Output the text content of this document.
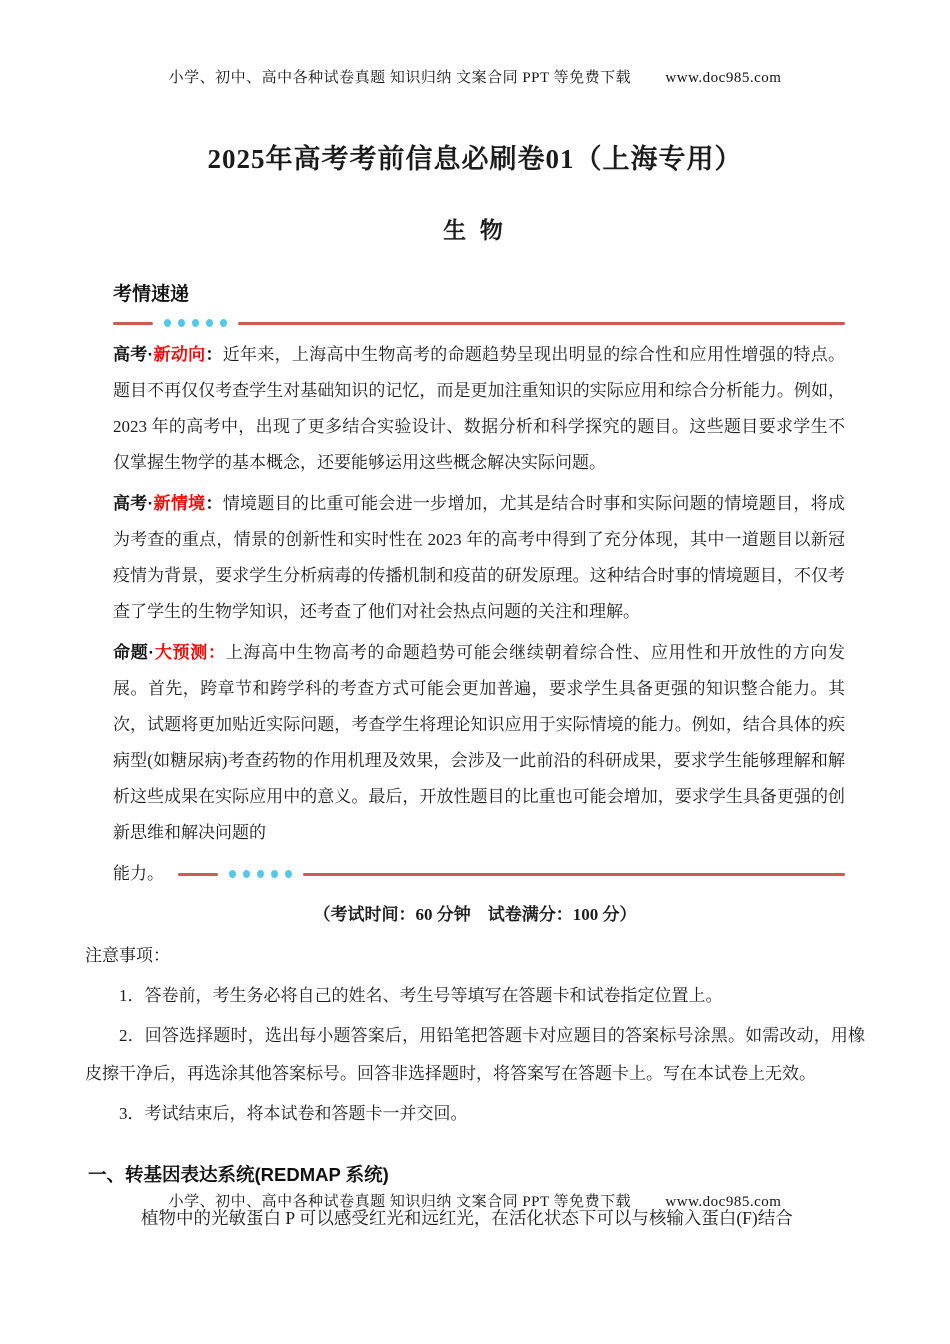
小学、初中、高中各种试卷真题 知识归纳 文案合同 PPT 等免费下载 www.doc985.com
2025年高考考前信息必刷卷01（上海专用）
生 物
考情速递

高考·新动向：近年来，上海高中生物高考的命题趋势呈现出明显的综合性和应用性增强的特点。题目不再仅仅考查学生对基础知识的记忆，而是更加注重知识的实际应用和综合分析能力。例如，2023 年的高考中，出现了更多结合实验设计、数据分析和科学探究的题目。这些题目要求学生不仅掌握生物学的基本概念，还要能够运用这些概念解决实际问题。

高考·新情境：情境题目的比重可能会进一步增加，尤其是结合时事和实际问题的情境题目，将成为考查的重点，情景的创新性和实时性在 2023 年的高考中得到了充分体现，其中一道题目以新冠疫情为背景，要求学生分析病毒的传播机制和疫苗的研发原理。这种结合时事的情境题目，不仅考查了学生的生物学知识，还考查了他们对社会热点问题的关注和理解。

命题·大预测：上海高中生物高考的命题趋势可能会继续朝着综合性、应用性和开放性的方向发展。首先，跨章节和跨学科的考查方式可能会更加普遍，要求学生具备更强的知识整合能力。其次，试题将更加贴近实际问题，考查学生将理论知识应用于实际情境的能力。例如，结合具体的疾病型(如糖尿病)考查药物的作用机理及效果，会涉及一此前沿的科研成果，要求学生能够理解和解析这些成果在实际应用中的意义。最后，开放性题目的比重也可能会增加，要求学生具备更强的创新思维和解决问题的

能力。
（考试时间：60 分钟　试卷满分：100 分）

注意事项：

1．答卷前，考生务必将自己的姓名、考生号等填写在答题卡和试卷指定位置上。

2．回答选择题时，选出每小题答案后，用铅笔把答题卡对应题目的答案标号涂黑。如需改动，用橡皮擦干净后，再选涂其他答案标号。回答非选择题时，将答案写在答题卡上。写在本试卷上无效。

3．考试结束后，将本试卷和答题卡一并交回。

一、转基因表达系统(REDMAP 系统)
植物中的光敏蛋白 P 可以感受红光和远红光，在活化状态下可以与核输入蛋白(F)结合
小学、初中、高中各种试卷真题 知识归纳 文案合同 PPT 等免费下载 www.doc985.com
